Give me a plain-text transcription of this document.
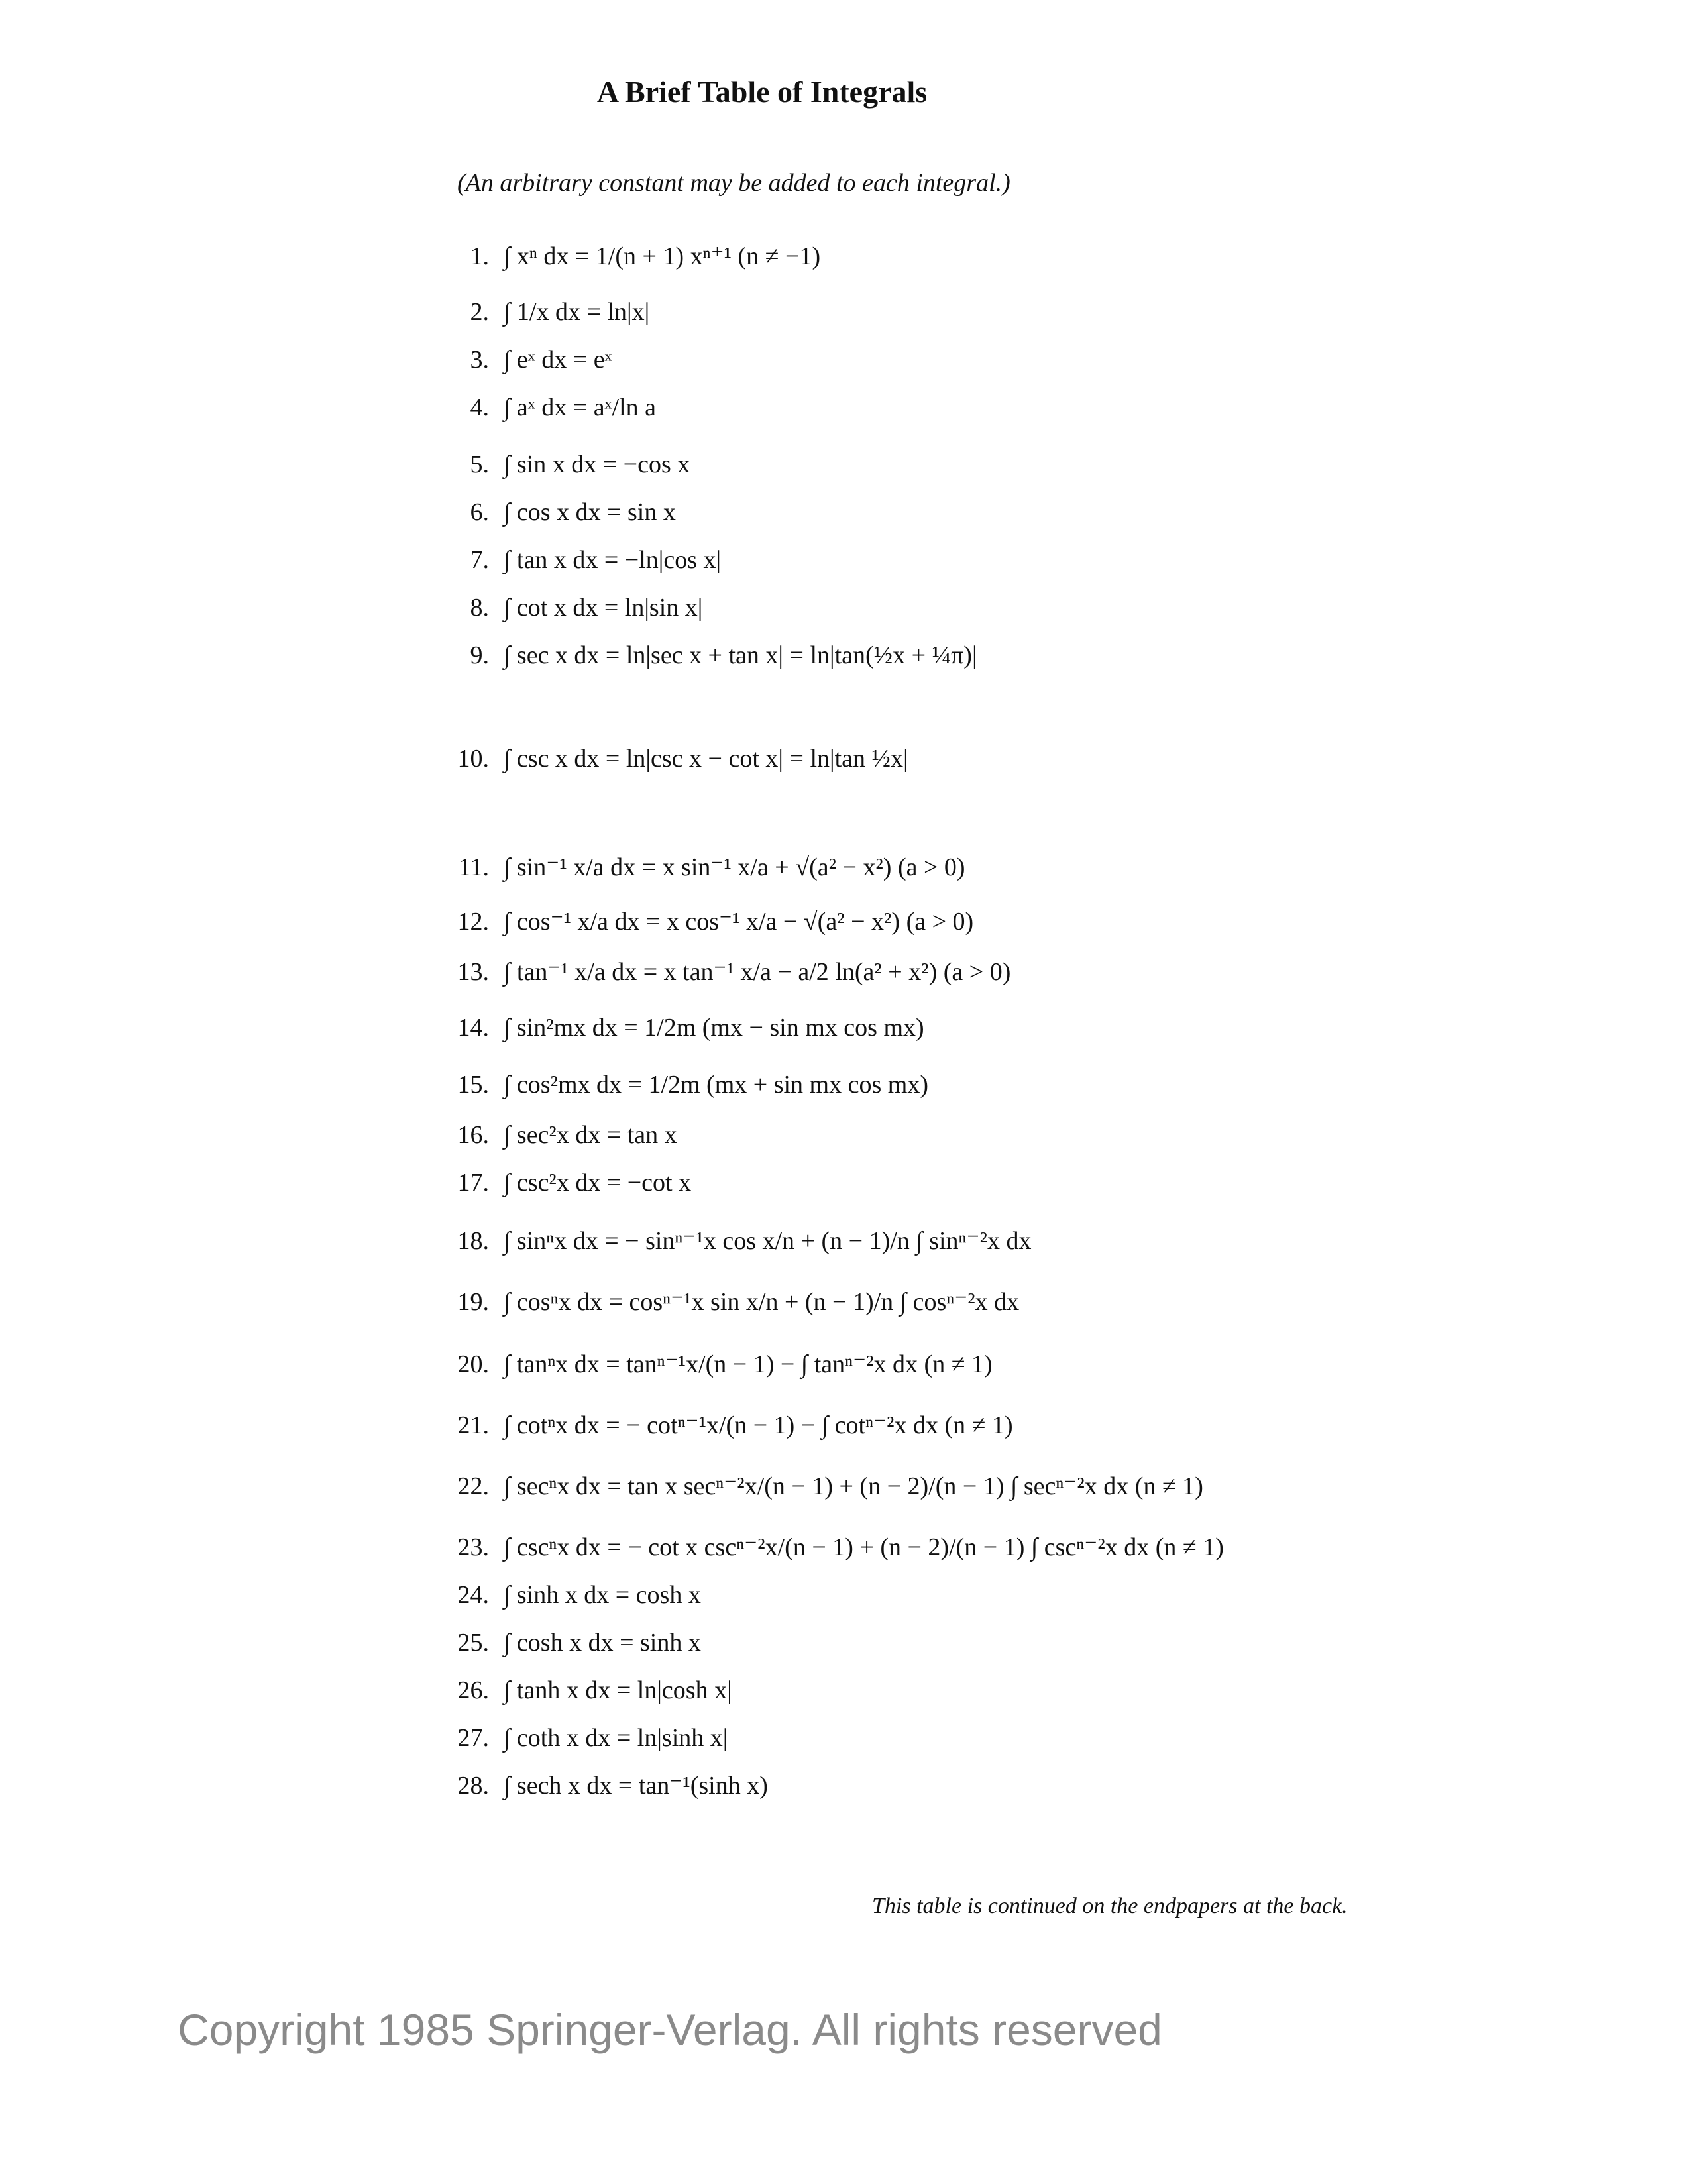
A Brief Table of Integrals
(An arbitrary constant may be added to each integral.)
1.
2.
3.
4.
5.
6.
7.
8.
9.
10.
11.
12.
13.
14.
15.
16.
17.
18.
19.
20.
21.
22.
23.
24.
25.
26.
27.
28.
∫ xⁿ dx = 1/(n + 1) xⁿ⁺¹ (n ≠ −1)
∫ 1/x dx = ln|x|
∫ eˣ dx = eˣ
∫ aˣ dx = aˣ/ln a
∫ sin x dx = −cos x
∫ cos x dx = sin x
∫ tan x dx = −ln|cos x|
∫ cot x dx = ln|sin x|
∫ sec x dx = ln|sec x + tan x| = ln|tan(½x + ¼π)|
∫ csc x dx = ln|csc x − cot x| = ln|tan ½x|
∫ sin⁻¹ x/a dx = x sin⁻¹ x/a + √(a² − x²) (a > 0)
∫ cos⁻¹ x/a dx = x cos⁻¹ x/a − √(a² − x²) (a > 0)
∫ tan⁻¹ x/a dx = x tan⁻¹ x/a − a/2 ln(a² + x²) (a > 0)
∫ sin²mx dx = 1/2m (mx − sin mx cos mx)
∫ cos²mx dx = 1/2m (mx + sin mx cos mx)
∫ sec²x dx = tan x
∫ csc²x dx = −cot x
∫ sinⁿx dx = − sinⁿ⁻¹x cos x/n + (n − 1)/n ∫ sinⁿ⁻²x dx
∫ cosⁿx dx = cosⁿ⁻¹x sin x/n + (n − 1)/n ∫ cosⁿ⁻²x dx
∫ tanⁿx dx = tanⁿ⁻¹x/(n − 1) − ∫ tanⁿ⁻²x dx (n ≠ 1)
∫ cotⁿx dx = − cotⁿ⁻¹x/(n − 1) − ∫ cotⁿ⁻²x dx (n ≠ 1)
∫ secⁿx dx = tan x secⁿ⁻²x/(n − 1) + (n − 2)/(n − 1) ∫ secⁿ⁻²x dx (n ≠ 1)
∫ cscⁿx dx = − cot x cscⁿ⁻²x/(n − 1) + (n − 2)/(n − 1) ∫ cscⁿ⁻²x dx (n ≠ 1)
∫ sinh x dx = cosh x
∫ cosh x dx = sinh x
∫ tanh x dx = ln|cosh x|
∫ coth x dx = ln|sinh x|
∫ sech x dx = tan⁻¹(sinh x)
This table is continued on the endpapers at the back.
Copyright 1985 Springer-Verlag. All rights reserved
